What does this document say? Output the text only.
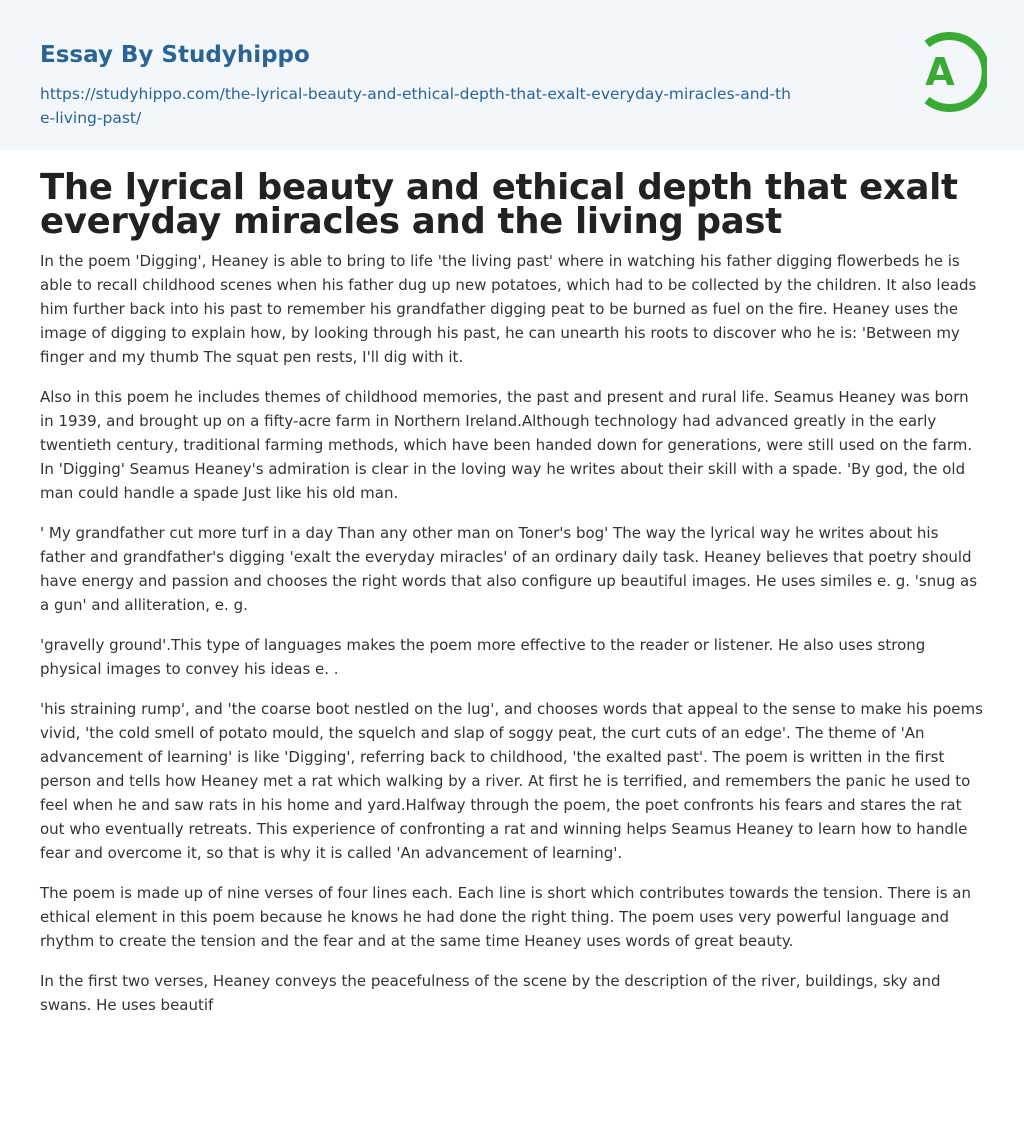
Essay By Studyhippo
https://studyhippo.com/the-lyrical-beauty-and-ethical-depth-that-exalt-everyday-miracles-and-the-living-past/
A
The lyrical beauty and ethical depth that exalt everyday miracles and the living past

In the poem 'Digging', Heaney is able to bring to life 'the living past' where in watching his father digging flowerbeds he is able to recall childhood scenes when his father dug up new potatoes, which had to be collected by the children. It also leads him further back into his past to remember his grandfather digging peat to be burned as fuel on the fire. Heaney uses the image of digging to explain how, by looking through his past, he can unearth his roots to discover who he is: 'Between my finger and my thumb The squat pen rests, I'll dig with it.

Also in this poem he includes themes of childhood memories, the past and present and rural life. Seamus Heaney was born in 1939, and brought up on a fifty-acre farm in Northern Ireland.Although technology had advanced greatly in the early twentieth century, traditional farming methods, which have been handed down for generations, were still used on the farm. In 'Digging' Seamus Heaney's admiration is clear in the loving way he writes about their skill with a spade. 'By god, the old man could handle a spade Just like his old man.

' My grandfather cut more turf in a day Than any other man on Toner's bog' The way the lyrical way he writes about his father and grandfather's digging 'exalt the everyday miracles' of an ordinary daily task. Heaney believes that poetry should have energy and passion and chooses the right words that also configure up beautiful images. He uses similes e. g. 'snug as a gun' and alliteration, e. g.

'gravelly ground'.This type of languages makes the poem more effective to the reader or listener. He also uses strong physical images to convey his ideas e. .

'his straining rump', and 'the coarse boot nestled on the lug', and chooses words that appeal to the sense to make his poems vivid, 'the cold smell of potato mould, the squelch and slap of soggy peat, the curt cuts of an edge'. The theme of 'An advancement of learning' is like 'Digging', referring back to childhood, 'the exalted past'. The poem is written in the first person and tells how Heaney met a rat which walking by a river. At first he is terrified, and remembers the panic he used to feel when he and saw rats in his home and yard.Halfway through the poem, the poet confronts his fears and stares the rat out who eventually retreats. This experience of confronting a rat and winning helps Seamus Heaney to learn how to handle fear and overcome it, so that is why it is called 'An advancement of learning'.

The poem is made up of nine verses of four lines each. Each line is short which contributes towards the tension. There is an ethical element in this poem because he knows he had done the right thing. The poem uses very powerful language and rhythm to create the tension and the fear and at the same time Heaney uses words of great beauty.

In the first two verses, Heaney conveys the peacefulness of the scene by the description of the river, buildings, sky and swans. He uses beautif
